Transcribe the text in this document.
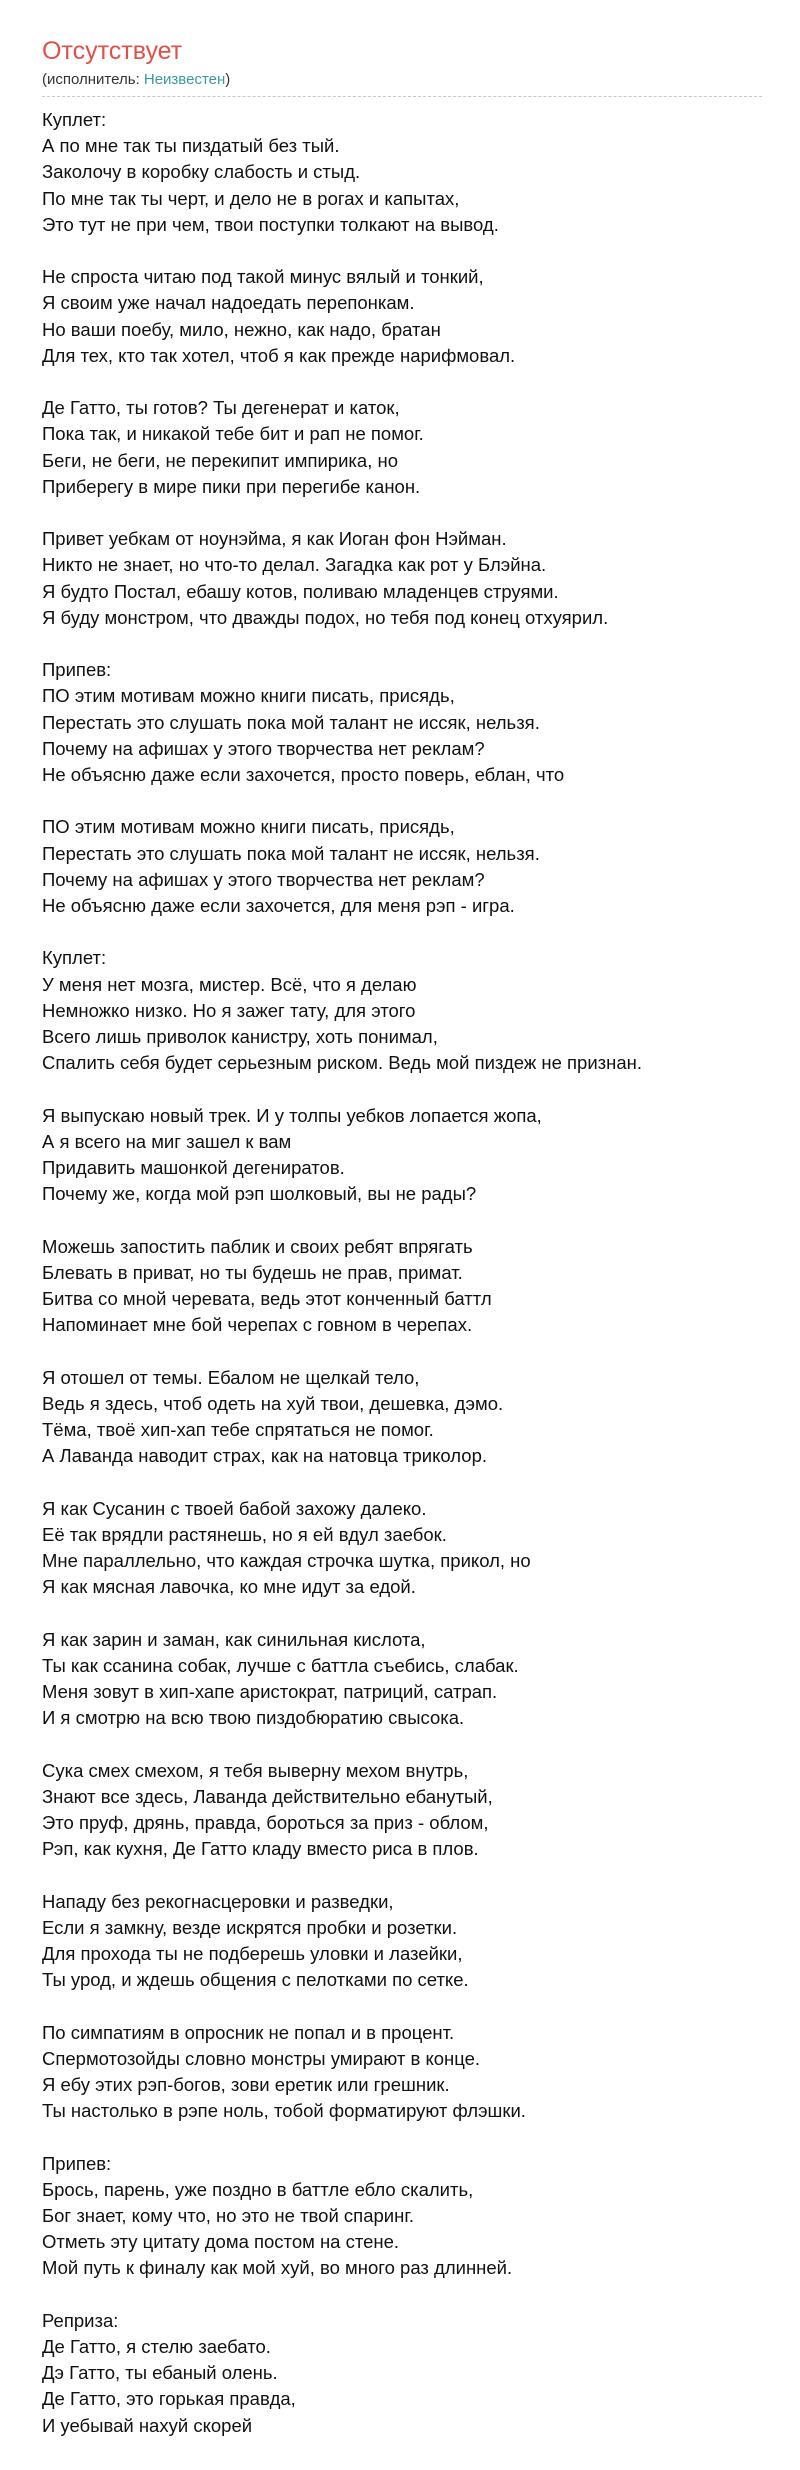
Отсутствует
(исполнитель: Неизвестен)
Куплет:
А по мне так ты пиздатый без тый.
Заколочу в коробку слабость и стыд.
По мне так ты черт, и дело не в рогах и капытах,
Это тут не при чем, твои поступки толкают на вывод.
Не спроста читаю под такой минус вялый и тонкий,
Я своим уже начал надоедать перепонкам.
Но ваши поебу, мило, нежно, как надо, братан
Для тех, кто так хотел, чтоб я как прежде нарифмовал.
Де Гатто, ты готов? Ты дегенерат и каток,
Пока так, и никакой тебе бит и рап не помог.
Беги, не беги, не перекипит импирика, но
Приберегу в мире пики при перегибе канон.
Привет уебкам от ноунэйма, я как Иоган фон Нэйман.
Никто не знает, но что-то делал. Загадка как рот у Блэйна.
Я будто Постал, ебашу котов, поливаю младенцев струями.
Я буду монстром, что дважды подох, но тебя под конец отхуярил.
Припев:
ПО этим мотивам можно книги писать, присядь,
Перестать это слушать пока мой талант не иссяк, нельзя.
Почему на афишах у этого творчества нет реклам?
Не объясню даже если захочется, просто поверь, еблан, что
ПО этим мотивам можно книги писать, присядь,
Перестать это слушать пока мой талант не иссяк, нельзя.
Почему на афишах у этого творчества нет реклам?
Не объясню даже если захочется, для меня рэп - игра.
Куплет:
У меня нет мозга, мистер. Всё, что я делаю
Немножко низко. Но я зажег тату, для этого
Всего лишь приволок канистру, хоть понимал,
Спалить себя будет серьезным риском. Ведь мой пиздеж не признан.
Я выпускаю новый трек. И у толпы уебков лопается жопа,
А я всего на миг зашел к вам
Придавить машонкой дегениратов.
Почему же, когда мой рэп шолковый, вы не рады?
Можешь запостить паблик и своих ребят впрягать
Блевать в приват, но ты будешь не прав, примат.
Битва со мной черевата, ведь этот конченный баттл
Напоминает мне бой черепах с говном в черепах.
Я отошел от темы. Ебалом не щелкай тело,
Ведь я здесь, чтоб одеть на хуй твои, дешевка, дэмо.
Тёма, твоё хип-хап тебе спрятаться не помог.
А Лаванда наводит страх, как на натовца триколор.
Я как Сусанин с твоей бабой захожу далеко.
Её так врядли растянешь, но я ей вдул заебок.
Мне параллельно, что каждая строчка шутка, прикол, но
Я как мясная лавочка, ко мне идут за едой.
Я как зарин и заман, как синильная кислота,
Ты как ссанина собак, лучше с баттла съебись, слабак.
Меня зовут в хип-хапе аристократ, патриций, сатрап.
И я смотрю на всю твою пиздобюратию свысока.
Сука смех смехом, я тебя выверну мехом внутрь,
Знают все здесь, Лаванда действительно ебанутый,
Это пруф, дрянь, правда, бороться за приз - облом,
Рэп, как кухня, Де Гатто кладу вместо риса в плов.
Нападу без рекогнасцеровки и разведки,
Если я замкну, везде искрятся пробки и розетки.
Для прохода ты не подберешь уловки и лазейки,
Ты урод, и ждешь общения с пелотками по сетке.
По симпатиям в опросник не попал и в процент.
Спермотозойды словно монстры умирают в конце.
Я ебу этих рэп-богов, зови еретик или грешник.
Ты настолько в рэпе ноль, тобой форматируют флэшки.
Припев:
Брось, парень, уже поздно в баттле ебло скалить,
Бог знает, кому что, но это не твой спаринг.
Отметь эту цитату дома постом на стене.
Мой путь к финалу как мой хуй, во много раз длинней.
Реприза:
Де Гатто, я стелю заебато.
Дэ Гатто, ты ебаный олень.
Де Гатто, это горькая правда,
И уебывай нахуй скорей
